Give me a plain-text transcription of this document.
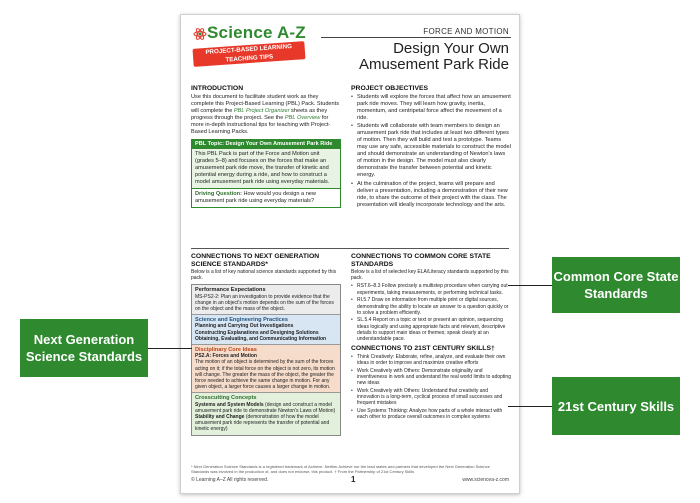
Science A-Z
PROJECT-BASED LEARNING
TEACHING TIPS
FORCE AND MOTION
Design Your Own Amusement Park Ride
INTRODUCTION

Use this document to facilitate student work as they complete this Project-Based Learning (PBL) Pack. Students will complete the PBL Project Organizer sheets as they progress through the project. See the PBL Overview for more in-depth instructional tips for teaching with Project-Based Learning Packs.

PBL Topic: Design Your Own Amusement Park Ride
This PBL Pack is part of the Force and Motion unit (grades 5–8) and focuses on the forces that make an amusement park ride move, the transfer of kinetic and potential energy during a ride, and how to construct a model amusement park ride using everyday materials.
Driving Question: How would you design a new amusement park ride using everyday materials?
PROJECT OBJECTIVES
• Students will explore the forces that affect how an amusement park ride moves. They will learn how gravity, inertia, momentum, and centripetal force affect the movement of a ride.
• Students will collaborate with team members to design an amusement park ride that includes at least two different types of motion. Then they will build and test a prototype. Teams may use any safe, accessible materials to construct the model and should demonstrate an understanding of Newton's laws of motion in the design. The model must also clearly demonstrate the transfer between potential and kinetic energy.
• At the culmination of the project, teams will prepare and deliver a presentation, including a demonstration of their new ride, to share the outcome of their project with the class. The presentation will ideally incorporate technology and the arts.
CONNECTIONS TO NEXT GENERATION SCIENCE STANDARDS*

Below is a list of key national science standards supported by this pack.

Performance Expectations
MS-PS2-2: Plan an investigation to provide evidence that the change in an object's motion depends on the sum of the forces on the object and the mass of the object.
Science and Engineering Practices
Planning and Carrying Out Investigations
Constructing Explanations and Designing Solutions
Obtaining, Evaluating, and Communicating Information
Disciplinary Core Ideas
PS2.A: Forces and Motion
The motion of an object is determined by the sum of the forces acting on it; if the total force on the object is not zero, its motion will change. The greater the mass of the object, the greater the force needed to achieve the same change in motion. For any given object, a larger force causes a larger change in motion.
Crosscutting Concepts
Systems and System Models (design and construct a model amusement park ride to demonstrate Newton's Laws of Motion)
Stability and Change (demonstration of how the model amusement park ride represents the transfer of potential and kinetic energy)
CONNECTIONS TO COMMON CORE STATE STANDARDS

Below is a list of selected key ELA/Literacy standards supported by this pack.

• RST.6–8.3 Follow precisely a multistep procedure when carrying out experiments, taking measurements, or performing technical tasks.
• RI.5.7 Draw on information from multiple print or digital sources, demonstrating the ability to locate an answer to a question quickly or to solve a problem efficiently.
• SL.5.4 Report on a topic or text or present an opinion, sequencing ideas logically and using appropriate facts and relevant, descriptive details to support main ideas or themes; speak clearly at an understandable pace.
CONNECTIONS TO 21ST CENTURY SKILLS†
• Think Creatively: Elaborate, refine, analyze, and evaluate their own ideas in order to improve and maximize creative efforts
• Work Creatively with Others: Demonstrate originality and inventiveness in work and understand the real world limits to adopting new ideas
• Work Creatively with Others: Understand that creativity and innovation is a long-term, cyclical process of small successes and frequent mistakes
• Use Systems Thinking: Analyze how parts of a whole interact with each other to produce overall outcomes in complex systems
* Next Generation Science Standards is a registered trademark of Achieve. Neither Achieve nor the lead states and partners that developed the Next Generation Science Standards was involved in the production of, and does not endorse, this product. † From the Partnership of 21st Century Skills
© Learning A–Z All rights reserved.	1	www.sciencea-z.com
Next Generation Science Standards
Common Core State Standards
21st Century Skills
